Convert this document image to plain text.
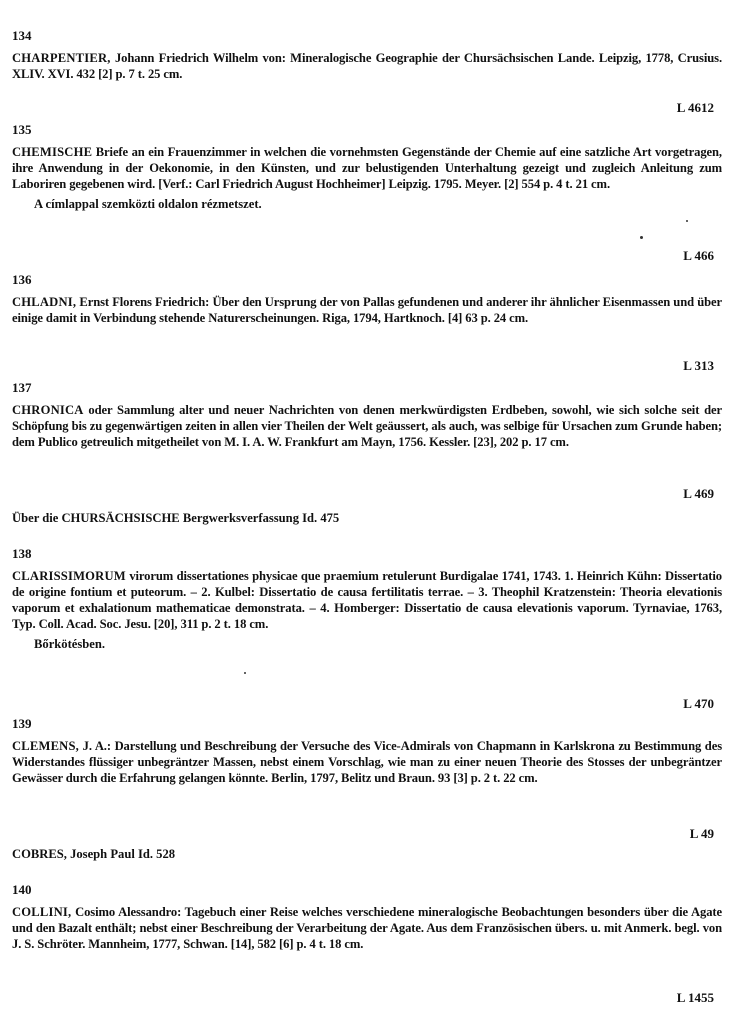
134
CHARPENTIER, Johann Friedrich Wilhelm von: Mineralogische Geographie der Chursächsischen Lande. Leipzig, 1778, Crusius. XLIV. XVI. 432 [2] p. 7 t. 25 cm.
L 4612
135
CHEMISCHE Briefe an ein Frauenzimmer in welchen die vornehmsten Gegenstände der Chemie auf eine satzliche Art vorgetragen, ihre Anwendung in der Oekonomie, in den Künsten, und zur belustigenden Unterhaltung gezeigt und zugleich Anleitung zum Laboriren gegebenen wird. [Verf.: Carl Friedrich August Hochheimer] Leipzig. 1795. Meyer. [2] 554 p. 4 t. 21 cm.
A címlappal szemközti oldalon rézmetszet.
L 466
136
CHLADNI, Ernst Florens Friedrich: Über den Ursprung der von Pallas gefundenen und anderer ihr ähnlicher Eisenmassen und über einige damit in Verbindung stehende Naturerscheinungen. Riga, 1794, Hartknoch. [4] 63 p. 24 cm.
L 313
137
CHRONICA oder Sammlung alter und neuer Nachrichten von denen merkwürdigsten Erdbeben, sowohl, wie sich solche seit der Schöpfung bis zu gegenwärtigen zeiten in allen vier Theilen der Welt geäussert, als auch, was selbige für Ursachen zum Grunde haben; dem Publico getreulich mitgetheilet von M. I. A. W. Frankfurt am Mayn, 1756. Kessler. [23], 202 p. 17 cm.
L 469
Über die CHURSÄCHSISCHE Bergwerksverfassung Id. 475
138
CLARISSIMORUM virorum dissertationes physicae que praemium retulerunt Burdigalae 1741, 1743. 1. Heinrich Kühn: Dissertatio de origine fontium et puteorum. – 2. Kulbel: Dissertatio de causa fertilitatis terrae. – 3. Theophil Kratzenstein: Theoria elevationis vaporum et exhalationum mathematicae demonstrata. – 4. Homberger: Dissertatio de causa elevationis vaporum. Tyrnaviae, 1763, Typ. Coll. Acad. Soc. Jesu. [20], 311 p. 2 t. 18 cm.
Bőrkötésben.
L 470
139
CLEMENS, J. A.: Darstellung und Beschreibung der Versuche des Vice-Admirals von Chapmann in Karlskrona zu Bestimmung des Widerstandes flüssiger unbegräntzer Massen, nebst einem Vorschlag, wie man zu einer neuen Theorie des Stosses der unbegräntzer Gewässer durch die Erfahrung gelangen könnte. Berlin, 1797, Belitz und Braun. 93 [3] p. 2 t. 22 cm.
L 49
COBRES, Joseph Paul Id. 528
140
COLLINI, Cosimo Alessandro: Tagebuch einer Reise welches verschiedene mineralogische Beobachtungen besonders über die Agate und den Bazalt enthält; nebst einer Beschreibung der Verarbeitung der Agate. Aus dem Französischen übers. u. mit Anmerk. begl. von J. S. Schröter. Mannheim, 1777, Schwan. [14], 582 [6] p. 4 t. 18 cm.
L 1455
